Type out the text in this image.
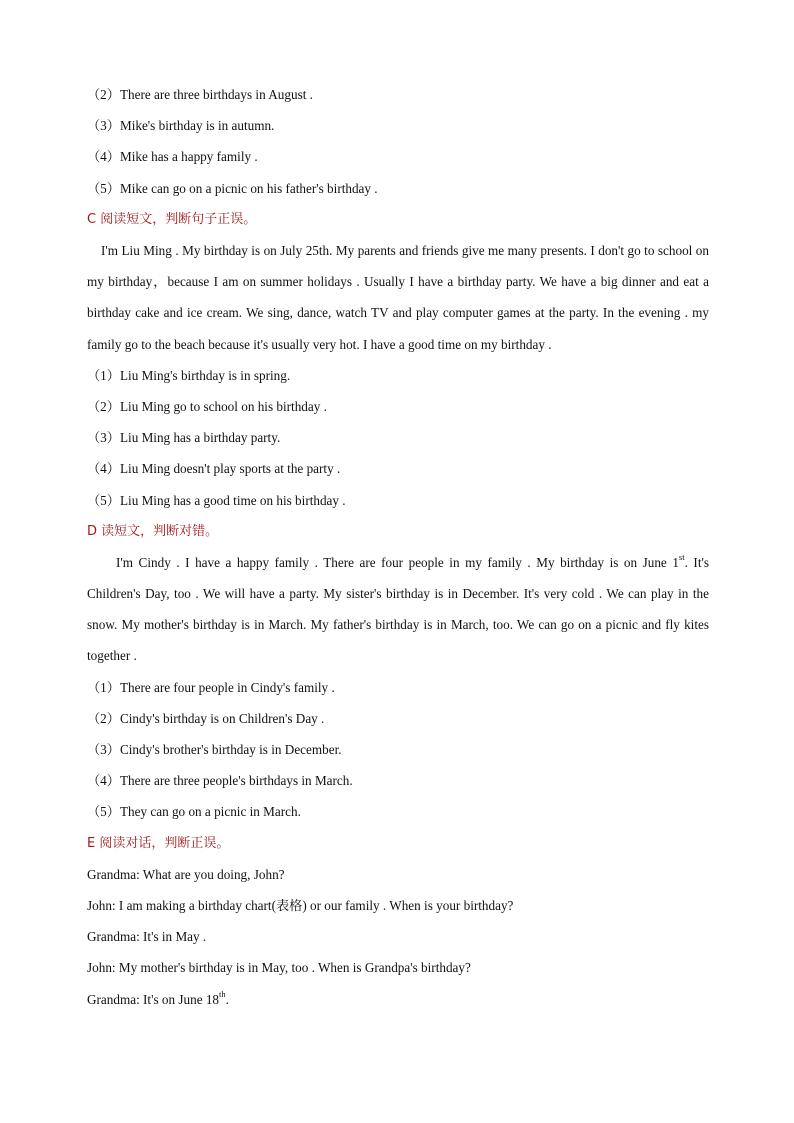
（2）There are three birthdays in August .
（3）Mike's birthday is in autumn.
（4）Mike has a happy family .
（5）Mike can go on a picnic on his father's birthday .
C 阅读短文，判断句子正误。
I'm Liu Ming . My birthday is on July 25th. My parents and friends give me many presents. I don't go to school on my birthday，because I am on summer holidays . Usually I have a birthday party. We have a big dinner and eat a birthday cake and ice cream. We sing, dance, watch TV and play computer games at the party. In the evening . my family go to the beach because it's usually very hot. I have a good time on my birthday .
（1）Liu Ming's birthday is in spring.
（2）Liu Ming go to school on his birthday .
（3）Liu Ming has a birthday party.
（4）Liu Ming doesn't play sports at the party .
（5）Liu Ming has a good time on his birthday .
D 读短文，判断对错。
I'm Cindy . I have a happy family . There are four people in my family . My birthday is on June 1st. It's Children's Day, too . We will have a party. My sister's birthday is in December. It's very cold . We can play in the snow. My mother's birthday is in March. My father's birthday is in March, too. We can go on a picnic and fly kites together .
（1）There are four people in Cindy's family .
（2）Cindy's birthday is on Children's Day .
（3）Cindy's brother's birthday is in December.
（4）There are three people's birthdays in March.
（5）They can go on a picnic in March.
E 阅读对话，判断正误。
Grandma: What are you doing, John?
John: I am making a birthday chart(表格) or our family . When is your birthday?
Grandma: It's in May .
John: My mother's birthday is in May, too . When is Grandpa's birthday?
Grandma: It's on June 18th.
